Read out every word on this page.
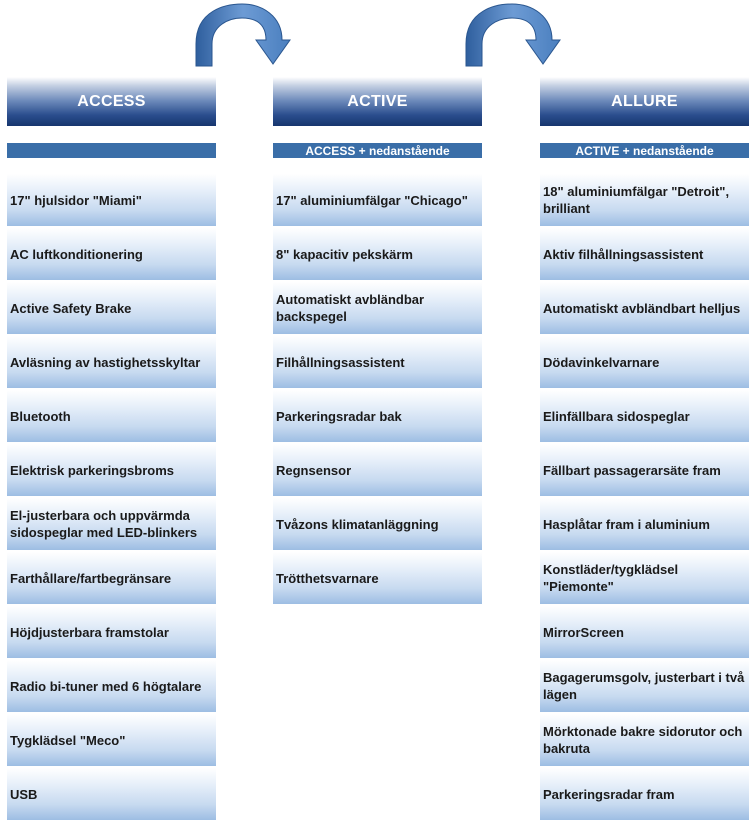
ACCESS
17" hjulsidor "Miami"
AC luftkonditionering
Active Safety Brake
Avläsning av hastighetsskyltar
Bluetooth
Elektrisk parkeringsbroms
El-justerbara och uppvärmda sidospeglar med LED-blinkers
Farthållare/fartbegränsare
Höjdjusterbara framstolar
Radio bi-tuner med 6 högtalare
Tygklädsel "Meco"
USB
ACTIVE
ACCESS + nedanstående
17" aluminiumfälgar "Chicago"
8" kapacitiv pekskärm
Automatiskt avbländbar backspegel
Filhållningsassistent
Parkeringsradar bak
Regnsensor
Tvåzons klimatanläggning
Trötthetsvarnare
ALLURE
ACTIVE + nedanstående
18" aluminiumfälgar "Detroit", brilliant
Aktiv filhållningsassistent
Automatiskt avbländbart helljus
Dödavinkelvarnare
Elinfällbara sidospeglar
Fällbart passagerarsäte fram
Hasplåtar fram i aluminium
Konstläder/tygklädsel "Piemonte"
MirrorScreen
Bagagerumsgolv, justerbart i två lägen
Mörktonade bakre sidorutor och bakruta
Parkeringsradar fram
